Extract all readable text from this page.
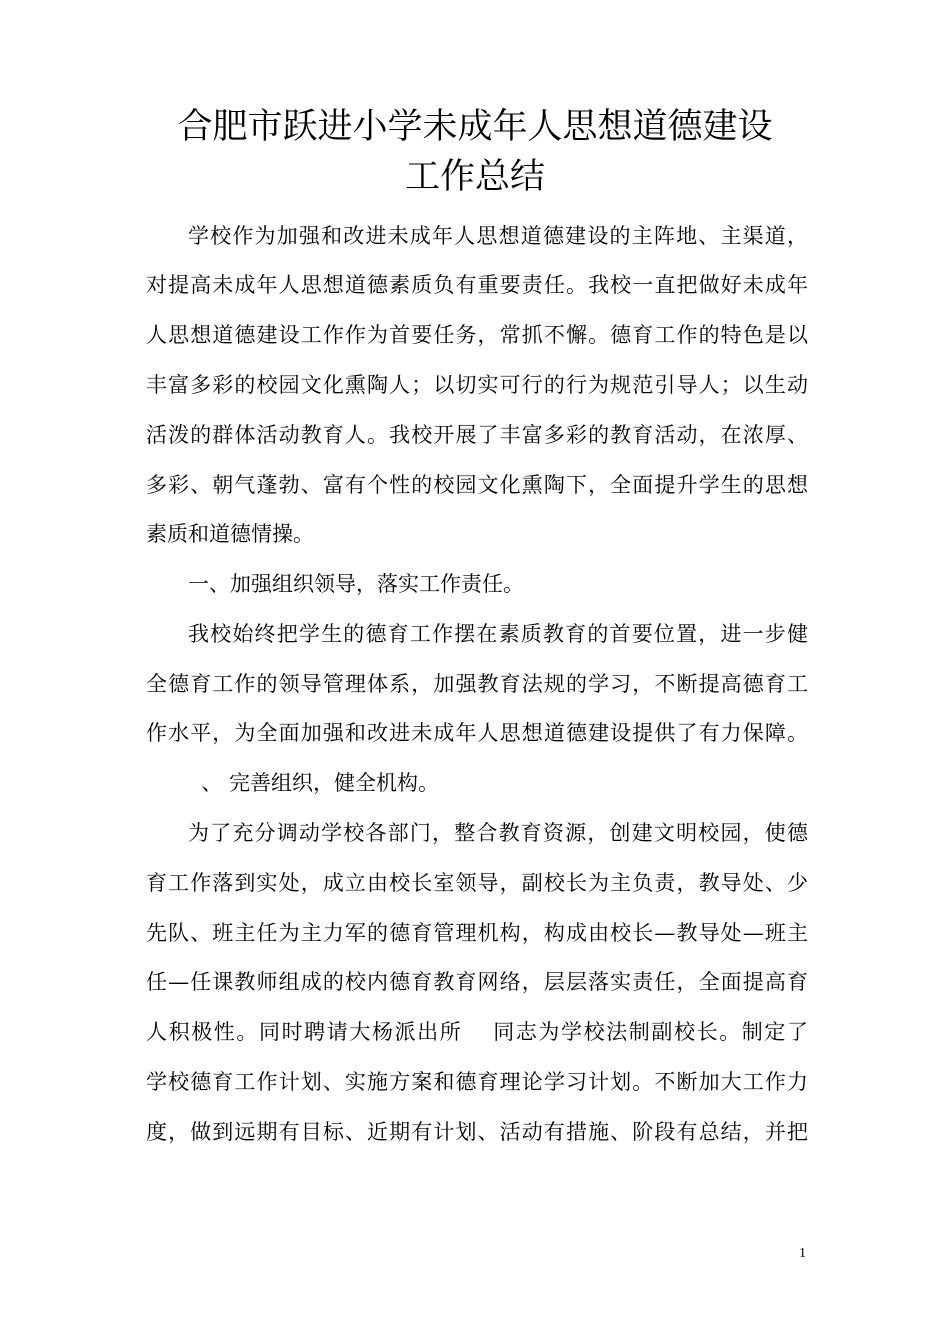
合肥市跃进小学未成年人思想道德建设
工作总结
学校作为加强和改进未成年人思想道德建设的主阵地、主渠道，
对提高未成年人思想道德素质负有重要责任。我校一直把做好未成年
人思想道德建设工作作为首要任务，常抓不懈。德育工作的特色是以
丰富多彩的校园文化熏陶人；以切实可行的行为规范引导人；以生动
活泼的群体活动教育人。我校开展了丰富多彩的教育活动，在浓厚、
多彩、朝气蓬勃、富有个性的校园文化熏陶下，全面提升学生的思想
素质和道德情操。
一、加强组织领导，落实工作责任。
我校始终把学生的德育工作摆在素质教育的首要位置，进一步健
全德育工作的领导管理体系，加强教育法规的学习，不断提高德育工
作水平，为全面加强和改进未成年人思想道德建设提供了有力保障。
、 完善组织，健全机构。
为了充分调动学校各部门，整合教育资源，创建文明校园，使德
育工作落到实处，成立由校长室领导，副校长为主负责，教导处、少
先队、班主任为主力军的德育管理机构，构成由校长—教导处—班主
任—任课教师组成的校内德育教育网络，层层落实责任，全面提高育
人积极性。同时聘请大杨派出所　 同志为学校法制副校长。制定了
学校德育工作计划、实施方案和德育理论学习计划。不断加大工作力
度，做到远期有目标、近期有计划、活动有措施、阶段有总结，并把
1
